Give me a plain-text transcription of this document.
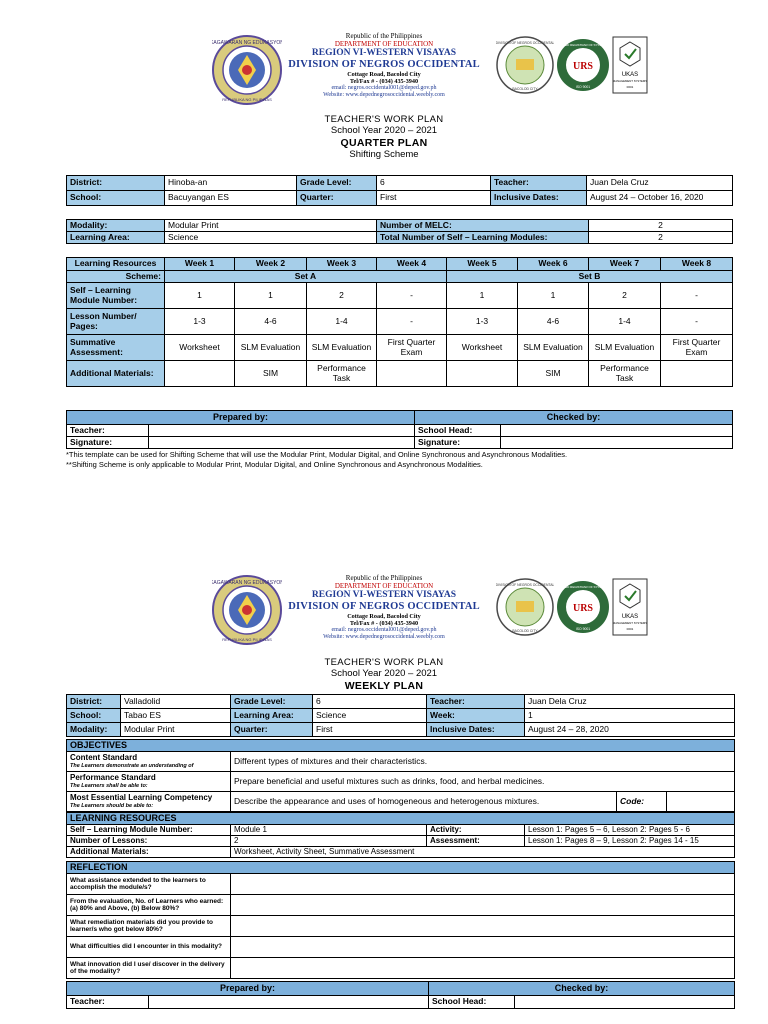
KAGAWARAN NG EDUKASYON
REPUBLIKA NG PILIPINAS
Republic of the Philippines
DEPARTMENT OF EDUCATION
REGION VI-WESTERN VISAYAS
DIVISION OF NEGROS OCCIDENTAL
Cottage Road, Bacolod City
Tel/Fax # - (034) 435-3940
email: negros.occidental001@deped.gov.ph
Website: www.depednegrosoccidental.weebly.com
DIVISION OF NEGROS OCCIDENTAL
BACOLOD CITY
URS
UNITED REGISTRAR OF SYSTEMS
ISO 9001
UKAS
MANAGEMENT SYSTEMS
0001
TEACHER'S WORK PLAN
School Year 2020 – 2021
QUARTER PLAN
Shifting Scheme
District:	Hinoba-an	Grade Level:	6	Teacher:	Juan Dela Cruz
School:	Bacuyangan ES	Quarter:	First	Inclusive Dates:	August 24 – October 16, 2020
Modality:	Modular Print	Number of MELC:	2
Learning Area:	Science	Total Number of Self – Learning Modules:	2
Learning Resources	Week 1	Week 2	Week 3	Week 4	Week 5	Week 6	Week 7	Week 8
Scheme:	Set A				Set B			
Self – Learning Module Number:	1	1	2	-	1	1	2	-
Lesson Number/ Pages:	1-3	4-6	1-4	-	1-3	4-6	1-4	-
Summative Assessment:	Worksheet	SLM Evaluation	SLM Evaluation	First Quarter Exam	Worksheet	SLM Evaluation	SLM Evaluation	First Quarter Exam
Additional Materials:		SIM	Performance Task			SIM	Performance Task	
Prepared by:		Checked by:	
Teacher:		School Head:	
Signature:		Signature:	
*This template can be used for Shifting Scheme that will use the Modular Print, Modular Digital, and Online Synchronous and Asynchronous Modalities.
**Shifting Scheme is only applicable to Modular Print, Modular Digital, and Online Synchronous and Asynchronous Modalities.
KAGAWARAN NG EDUKASYON
REPUBLIKA NG PILIPINAS
Republic of the Philippines
DEPARTMENT OF EDUCATION
REGION VI-WESTERN VISAYAS
DIVISION OF NEGROS OCCIDENTAL
Cottage Road, Bacolod City
Tel/Fax # - (034) 435-3940
email: negros.occidental001@deped.gov.ph
Website: www.depednegrosoccidental.weebly.com
DIVISION OF NEGROS OCCIDENTAL
BACOLOD CITY
URS
UNITED REGISTRAR OF SYSTEMS
ISO 9001
UKAS
MANAGEMENT SYSTEMS
0001
TEACHER'S WORK PLAN
School Year 2020 – 2021
WEEKLY PLAN
District:	Valladolid	Grade Level:	6	Teacher:	Juan Dela Cruz
School:	Tabao ES	Learning Area:	Science	Week:	1
Modality:	Modular Print	Quarter:	First	Inclusive Dates:	August 24 – 28, 2020
OBJECTIVES			
Content Standard
The Learners demonstrate an understanding of	Different types of mixtures and their characteristics.		
Performance Standard
The Learners shall be able to:	Prepare beneficial and useful mixtures such as drinks, food, and herbal medicines.		
Most Essential Learning Competency
The Learners should be able to:	Describe the appearance and uses of homogeneous and heterogenous mixtures.	Code:	
LEARNING RESOURCES			
Self – Learning Module Number:	Module 1	Activity:	Lesson 1: Pages 5 – 6, Lesson 2: Pages 5 - 6
Number of Lessons:	2	Assessment:	Lesson 1: Pages 8 – 9, Lesson 2: Pages 14 - 15
Additional Materials:	Worksheet, Activity Sheet, Summative Assessment		
REFLECTION	
What assistance extended to the learners to accomplish the module/s?	
From the evaluation, No. of Learners who earned: (a) 80% and Above, (b) Below 80%?	
What remediation materials did you provide to learner/s who got below 80%?	
What difficulties did I encounter in this modality?	
What innovation did I use/ discover in the delivery of the modality?	
Prepared by:		Checked by:	
Teacher:		School Head:	
